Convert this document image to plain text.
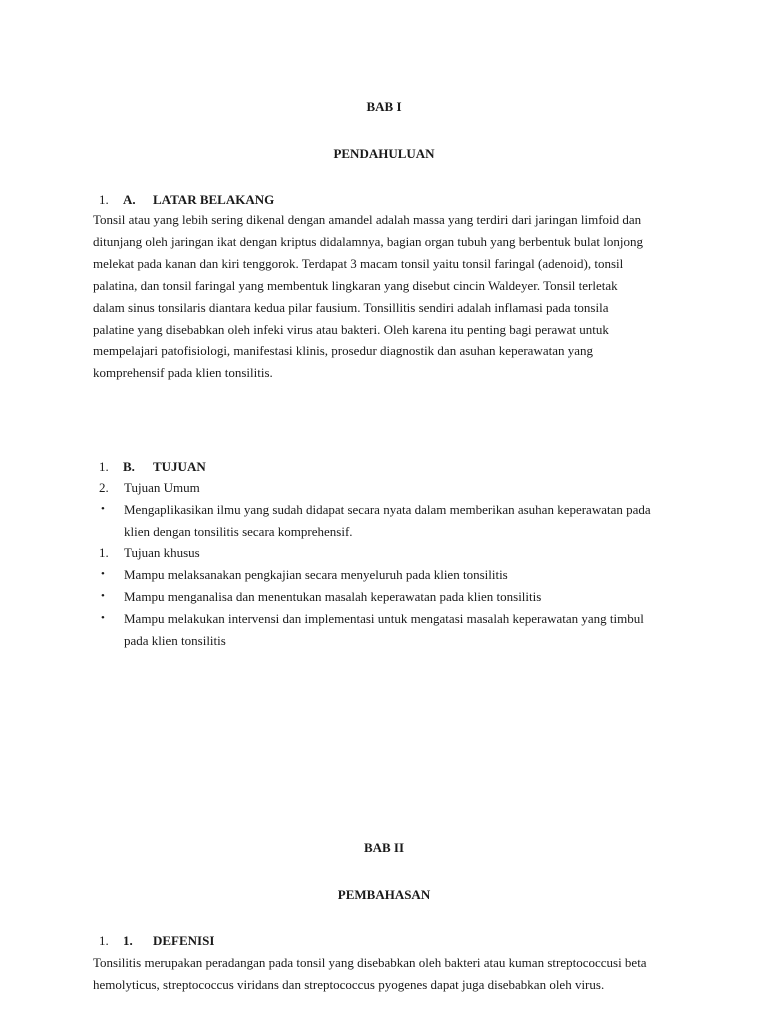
BAB I
PENDAHULUAN
1. A. LATAR BELAKANG
Tonsil atau yang lebih sering dikenal dengan amandel adalah massa yang terdiri dari jaringan limfoid dan
ditunjang oleh jaringan ikat dengan kriptus didalamnya, bagian organ tubuh yang berbentuk bulat lonjong
melekat pada kanan dan kiri tenggorok. Terdapat 3 macam tonsil yaitu tonsil faringal (adenoid), tonsil
palatina, dan tonsil faringal yang membentuk lingkaran yang disebut cincin Waldeyer. Tonsil terletak
dalam sinus tonsilaris diantara kedua pilar fausium. Tonsillitis sendiri adalah inflamasi pada tonsila
palatine yang disebabkan oleh infeki virus atau bakteri. Oleh karena itu penting bagi perawat untuk
mempelajari patofisiologi, manifestasi klinis, prosedur diagnostik dan asuhan keperawatan yang
komprehensif pada klien tonsilitis.
1. B. TUJUAN
2.	Tujuan Umum
•	Mengaplikasikan ilmu yang sudah didapat secara nyata dalam memberikan asuhan keperawatan pada
klien dengan tonsilitis secara komprehensif.
1.	Tujuan khusus
•	Mampu melaksanakan pengkajian secara menyeluruh pada klien tonsilitis
•	Mampu menganalisa dan menentukan masalah keperawatan pada klien tonsilitis
•	Mampu melakukan intervensi dan implementasi untuk mengatasi masalah keperawatan yang timbul
pada klien tonsilitis
BAB II
PEMBAHASAN
1. 1. DEFENISI
Tonsilitis merupakan peradangan pada tonsil yang disebabkan oleh bakteri atau kuman streptococcusi beta
hemolyticus, streptococcus viridans dan streptococcus pyogenes dapat juga disebabkan oleh virus.
